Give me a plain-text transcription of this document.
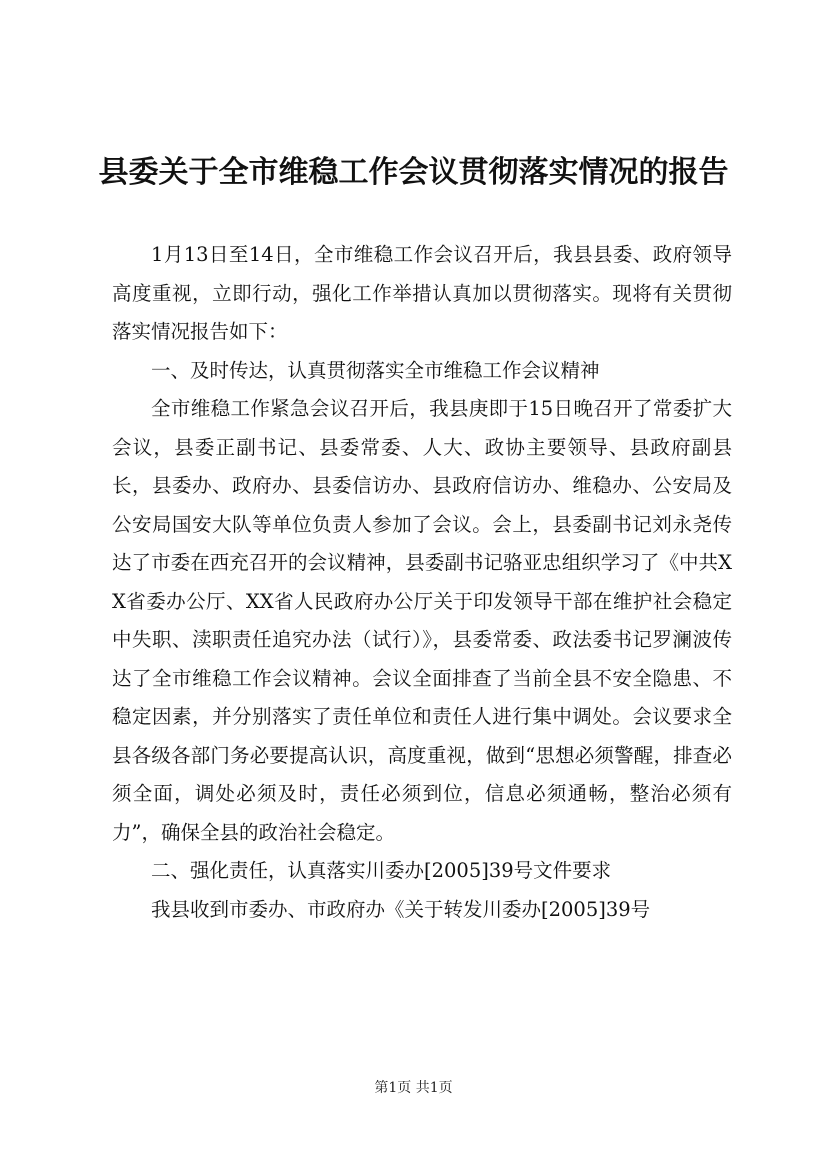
县委关于全市维稳工作会议贯彻落实情况的报告

1月13日至14日，全市维稳工作会议召开后，我县县委、政府领导高度重视，立即行动，强化工作举措认真加以贯彻落实。现将有关贯彻落实情况报告如下：

一、及时传达，认真贯彻落实全市维稳工作会议精神

全市维稳工作紧急会议召开后，我县庚即于15日晚召开了常委扩大会议，县委正副书记、县委常委、人大、政协主要领导、县政府副县长，县委办、政府办、县委信访办、县政府信访办、维稳办、公安局及公安局国安大队等单位负责人参加了会议。会上，县委副书记刘永尧传达了市委在西充召开的会议精神，县委副书记骆亚忠组织学习了《中共XX省委办公厅、XX省人民政府办公厅关于印发领导干部在维护社会稳定中失职、渎职责任追究办法（试行）》，县委常委、政法委书记罗澜波传达了全市维稳工作会议精神。会议全面排查了当前全县不安全隐患、不稳定因素，并分别落实了责任单位和责任人进行集中调处。会议要求全县各级各部门务必要提高认识，高度重视，做到“思想必须警醒，排查必须全面，调处必须及时，责任必须到位，信息必须通畅，整治必须有力”，确保全县的政治社会稳定。

二、强化责任，认真落实川委办[2005]39号文件要求

我县收到市委办、市政府办《关于转发川委办[2005]39号

第1页 共1页
